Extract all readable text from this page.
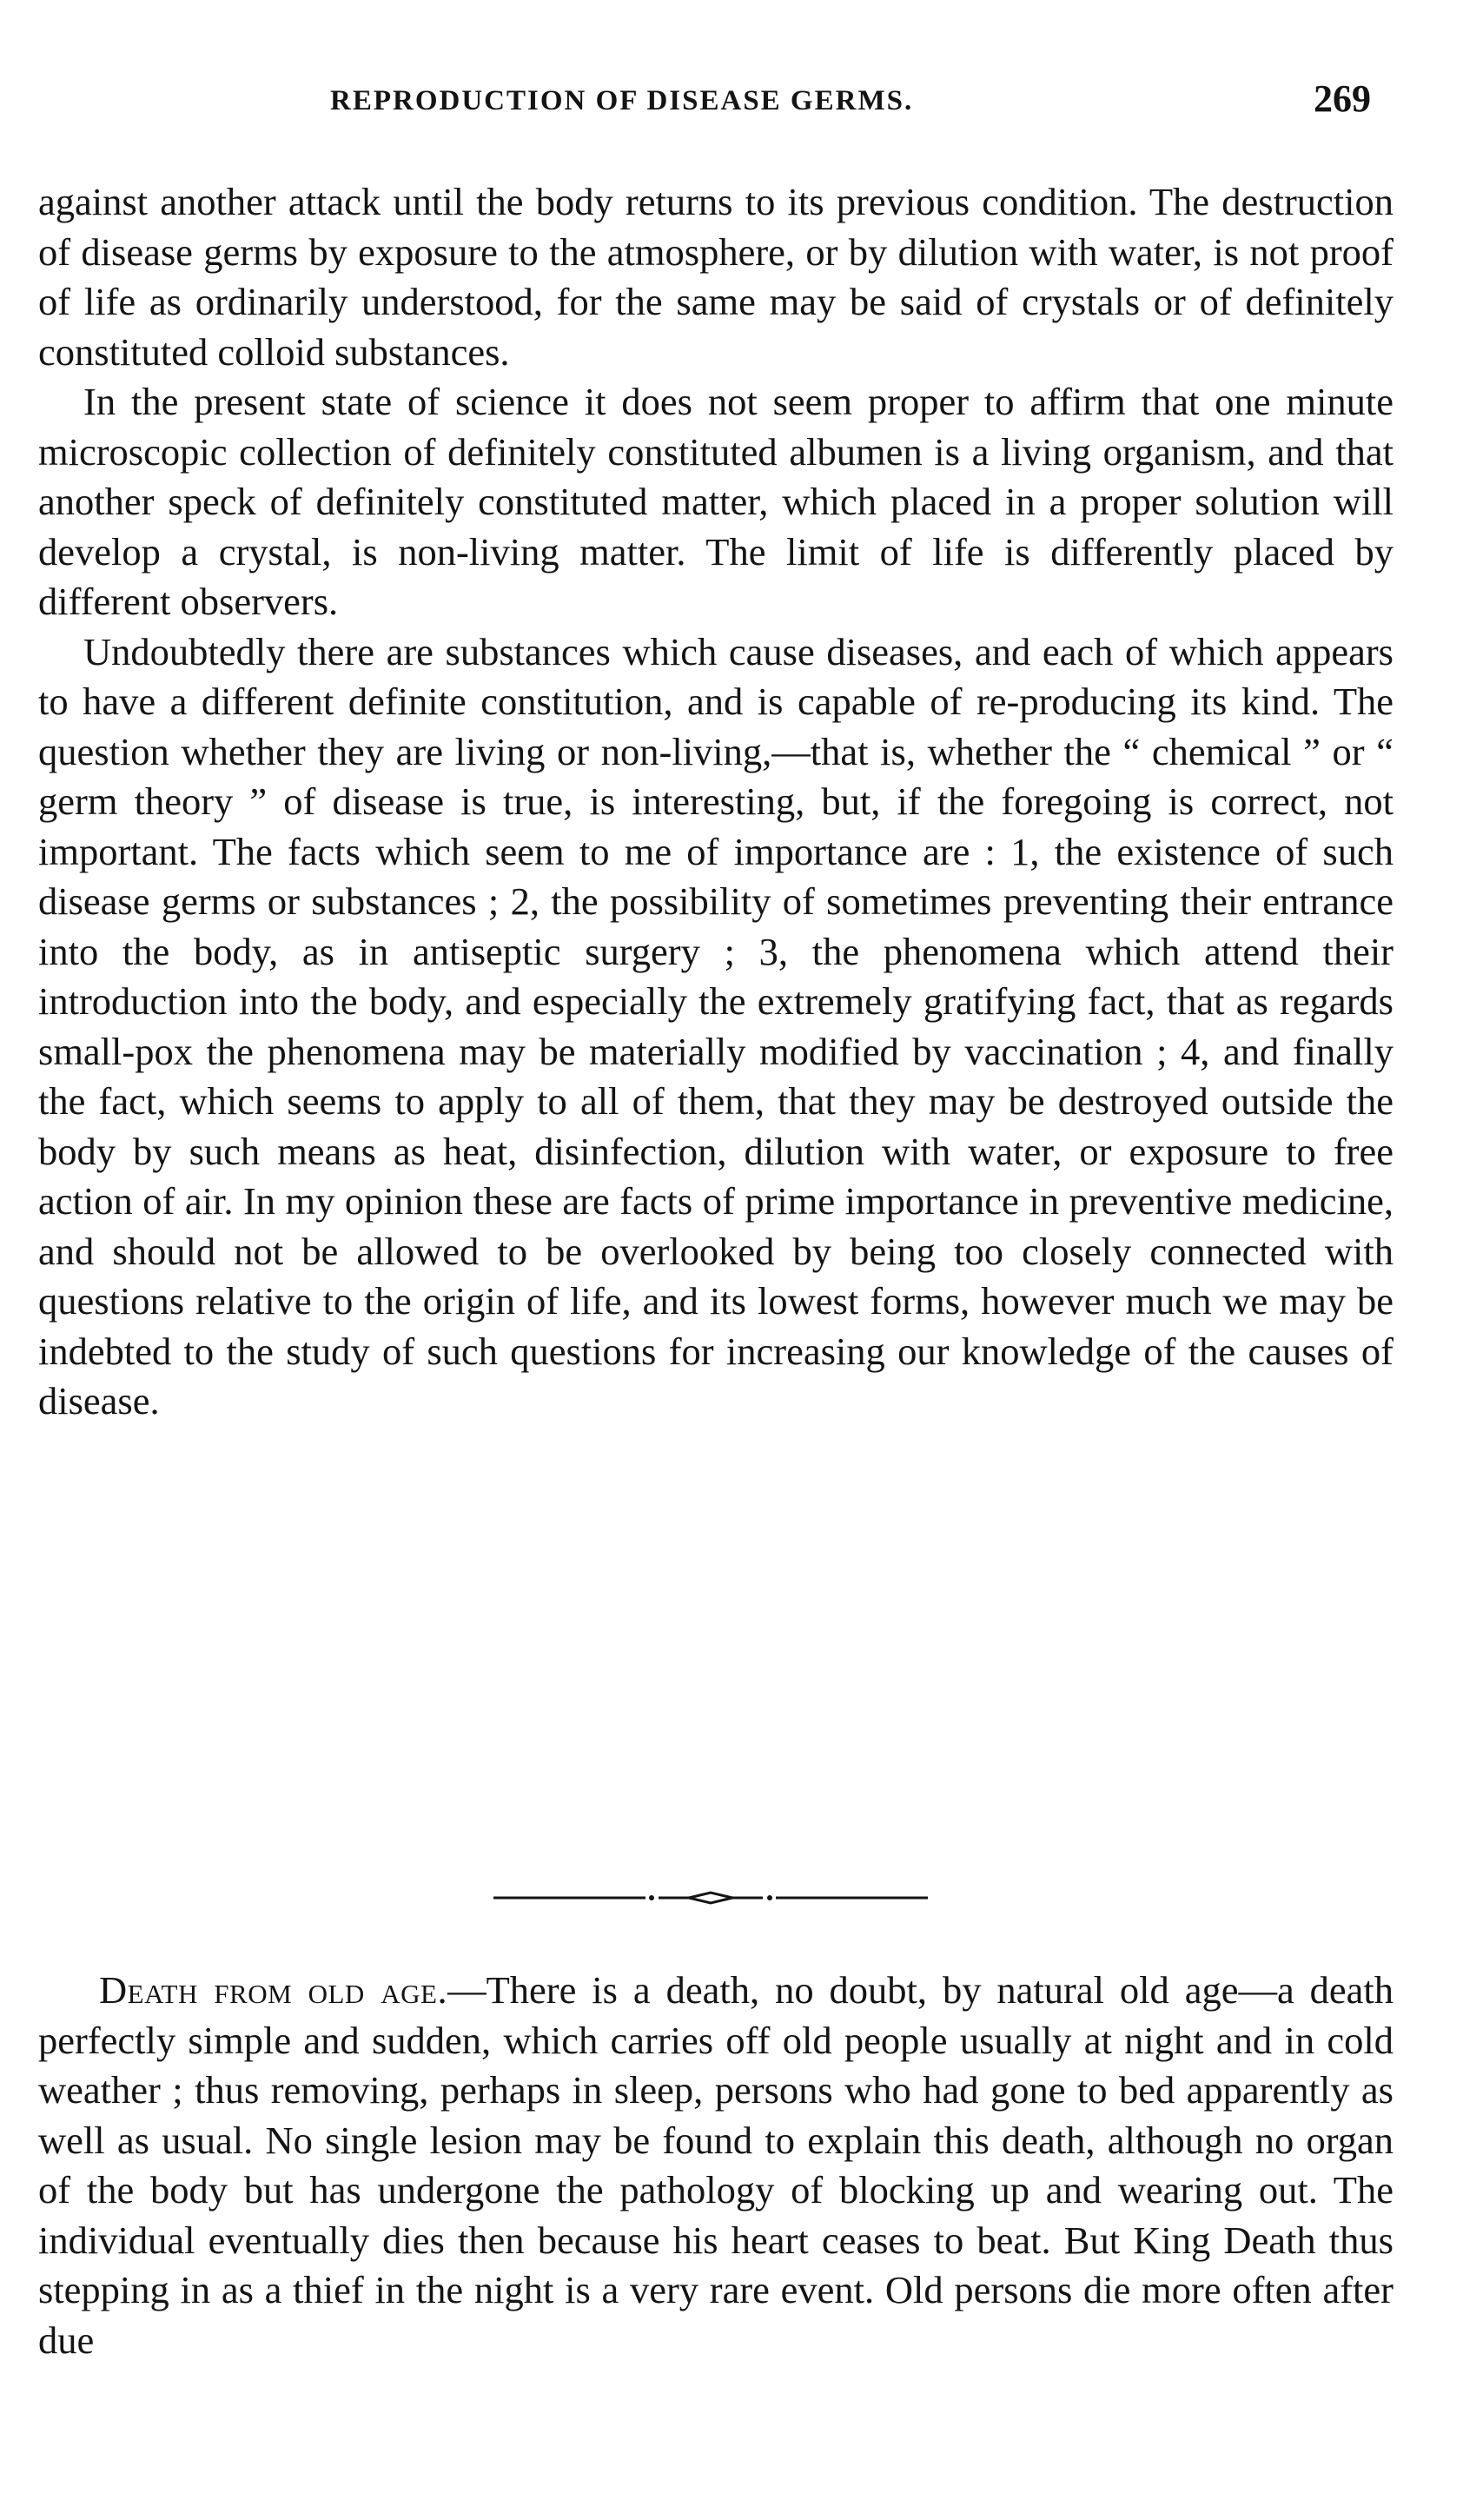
REPRODUCTION OF DISEASE GERMS.	269

against another attack until the body returns to its previous condition. The destruction of disease germs by exposure to the atmosphere, or by dilution with water, is not proof of life as ordinarily understood, for the same may be said of crystals or of definitely constituted colloid substances.

In the present state of science it does not seem proper to affirm that one minute microscopic collection of definitely constituted albumen is a living organism, and that another speck of definitely constituted matter, which placed in a proper solution will develop a crystal, is non-living matter. The limit of life is differently placed by different observers.

Undoubtedly there are substances which cause diseases, and each of which appears to have a different definite constitution, and is capable of re-producing its kind. The question whether they are living or non-living,—that is, whether the “ chemical ” or “ germ theory ” of disease is true, is interesting, but, if the foregoing is correct, not important. The facts which seem to me of importance are : 1, the existence of such disease germs or substances ; 2, the possibility of sometimes preventing their entrance into the body, as in antiseptic surgery ; 3, the phenomena which attend their introduction into the body, and especially the extremely gratifying fact, that as regards small-pox the phenomena may be materially modified by vaccination ; 4, and finally the fact, which seems to apply to all of them, that they may be destroyed outside the body by such means as heat, disinfection, dilution with water, or exposure to free action of air. In my opinion these are facts of prime importance in preventive medicine, and should not be allowed to be overlooked by being too closely connected with questions relative to the origin of life, and its lowest forms, however much we may be indebted to the study of such questions for increasing our knowledge of the causes of disease.

Death from old age.—There is a death, no doubt, by natural old age—a death perfectly simple and sudden, which carries off old people usually at night and in cold weather ; thus removing, perhaps in sleep, persons who had gone to bed apparently as well as usual. No single lesion may be found to explain this death, although no organ of the body but has undergone the pathology of blocking up and wearing out. The individual eventually dies then because his heart ceases to beat. But King Death thus stepping in as a thief in the night is a very rare event. Old persons die more often after due
